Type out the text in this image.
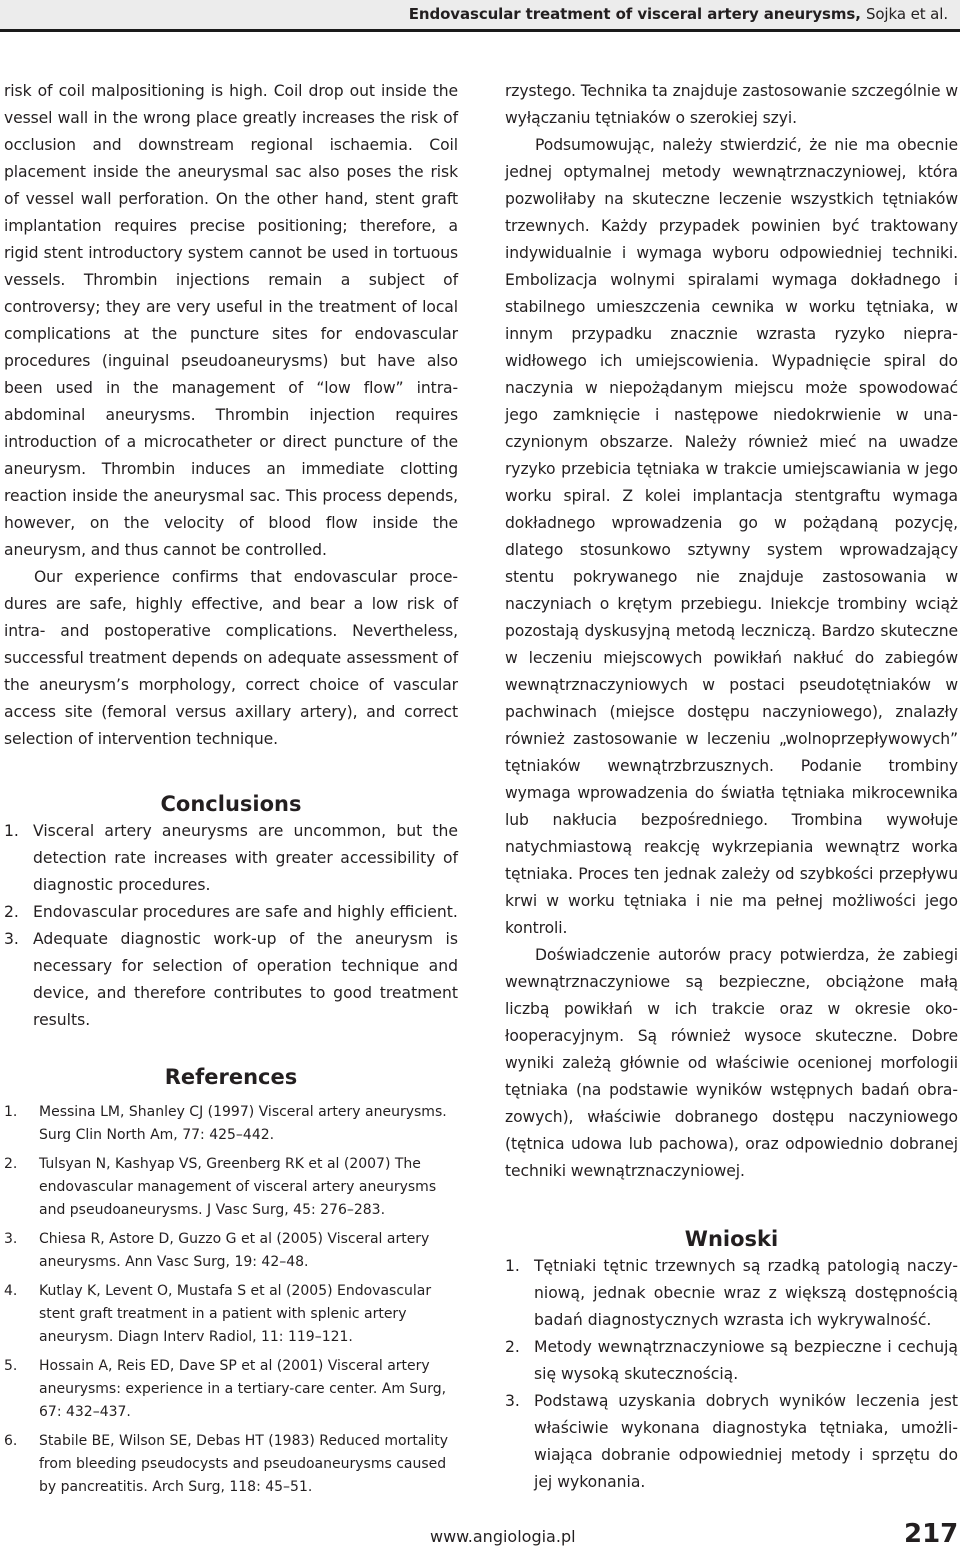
Endovascular treatment of visceral artery aneurysms, Sojka et al.

risk of coil malpositioning is high. Coil drop out inside the vessel wall in the wrong place greatly increases the risk of occlusion and downstream regional ischaemia. Coil placement inside the aneurysmal sac also poses the risk of vessel wall perforation. On the other hand, stent graft implantation requires precise positioning; therefore, a rigid stent introductory system cannot be used in tortuous vessels. Thrombin injections remain a subject of controversy; they are very useful in the treatment of local complications at the puncture sites for endovascular procedures (inguinal pseudoaneurysms) but have also been used in the management of “low flow” intra-abdominal aneurysms. Thrombin injection requires introduction of a microcatheter or direct puncture of the aneurysm. Thrombin induces an immediate clotting reaction inside the aneurysmal sac. This process depends, however, on the velocity of blood flow inside the aneurysm, and thus cannot be controlled.

Our experience confirms that endovascular procedures are safe, highly effective, and bear a low risk of intra- and postoperative complications. Nevertheless, successful treatment depends on adequate assessment of the aneurysm’s morphology, correct choice of vascular access site (femoral versus axillary artery), and correct selection of intervention technique.

Conclusions
1. Visceral artery aneurysms are uncommon, but the detection rate increases with greater accessibility of diagnostic procedures.
2. Endovascular procedures are safe and highly efficient.
3. Adequate diagnostic work-up of the aneurysm is necessary for selection of operation technique and device, and therefore contributes to good treatment results.
References
1. Messina LM, Shanley CJ (1997) Visceral artery aneurysms. Surg Clin North Am, 77: 425–442.
2. Tulsyan N, Kashyap VS, Greenberg RK et al (2007) The endovascular management of visceral artery aneurysms and pseudoaneurysms. J Vasc Surg, 45: 276–283.
3. Chiesa R, Astore D, Guzzo G et al (2005) Visceral artery aneurysms. Ann Vasc Surg, 19: 42–48.
4. Kutlay K, Levent O, Mustafa S et al (2005) Endovascular stent graft treatment in a patient with splenic artery aneurysm. Diagn Interv Radiol, 11: 119–121.
5. Hossain A, Reis ED, Dave SP et al (2001) Visceral artery aneurysms: experience in a tertiary-care center. Am Surg, 67: 432–437.
6. Stabile BE, Wilson SE, Debas HT (1983) Reduced mortality from bleeding pseudocysts and pseudoaneurysms caused by pancreatitis. Arch Surg, 118: 45–51.

rzystego. Technika ta znajduje zastosowanie szczególnie w wyłączaniu tętniaków o szerokiej szyi.

Podsumowując, należy stwierdzić, że nie ma obecnie jednej optymalnej metody wewnątrznaczyniowej, która pozwoliłaby na skuteczne leczenie wszystkich tętniaków trzewnych. Każdy przypadek powinien być traktowany indywidualnie i wymaga wyboru odpowiedniej techniki. Embolizacja wolnymi spiralami wymaga dokładnego i stabilnego umieszczenia cewnika w worku tętniaka, w innym przypadku znacznie wzrasta ryzyko nieprawidłowego ich umiejscowienia. Wypadnięcie spiral do naczynia w niepożądanym miejscu może spowodować jego zamknięcie i następowe niedokrwienie w unaczynionym obszarze. Należy również mieć na uwadze ryzyko przebicia tętniaka w trakcie umiejscawiania w jego worku spiral. Z kolei implantacja stentgraftu wymaga dokładnego wprowadzenia go w pożądaną pozycję, dlatego stosunkowo sztywny system wprowadzający stentu pokrywanego nie znajduje zastosowania w naczyniach o krętym przebiegu. Iniekcje trombiny wciąż pozostają dyskusyjną metodą leczniczą. Bardzo skuteczne w leczeniu miejscowych powikłań nakłuć do zabiegów wewnątrznaczyniowych w postaci pseudotętniaków w pachwinach (miejsce dostępu naczyniowego), znalazły również zastosowanie w leczeniu „wolnoprzepływowych” tętniaków wewnątrzbrzusznych. Podanie trombiny wymaga wprowadzenia do światła tętniaka mikrocewnika lub nakłucia bezpośredniego. Trombina wywołuje natychmiastową reakcję wykrzepiania wewnątrz worka tętniaka. Proces ten jednak zależy od szybkości przepływu krwi w worku tętniaka i nie ma pełnej możliwości jego kontroli.

Doświadczenie autorów pracy potwierdza, że zabiegi wewnątrznaczyniowe są bezpieczne, obciążone małą liczbą powikłań w ich trakcie oraz w okresie okołooperacyjnym. Są również wysoce skuteczne. Dobre wyniki zależą głównie od właściwie ocenionej morfologii tętniaka (na podstawie wyników wstępnych badań obrazowych), właściwie dobranego dostępu naczyniowego (tętnica udowa lub pachowa), oraz odpowiednio dobranej techniki wewnątrznaczyniowej.

Wnioski
1. Tętniaki tętnic trzewnych są rzadką patologią naczyniową, jednak obecnie wraz z większą dostępnością badań diagnostycznych wzrasta ich wykrywalność.
2. Metody wewnątrznaczyniowe są bezpieczne i cechują się wysoką skutecznością.
3. Podstawą uzyskania dobrych wyników leczenia jest właściwie wykonana diagnostyka tętniaka, umożliwiająca dobranie odpowiedniej metody i sprzętu do jej wykonania.
www.angiologia.pl	217
